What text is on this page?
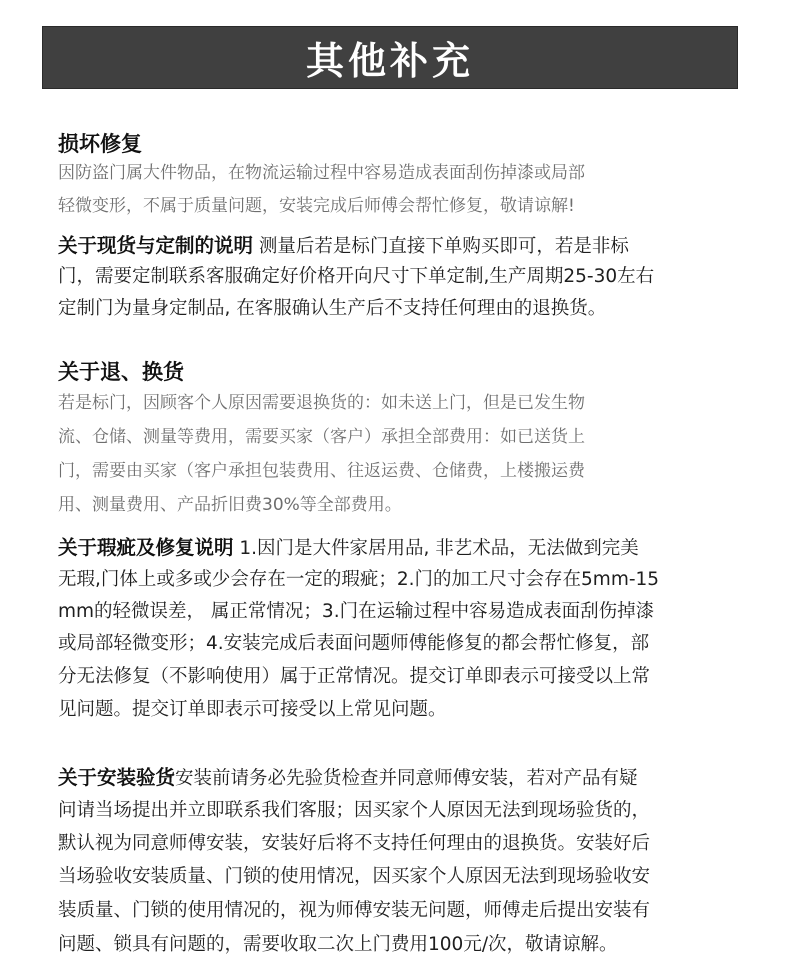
其他补充
损坏修复
因防盗门属大件物品，在物流运输过程中容易造成表面刮伤掉漆或局部
轻微变形，不属于质量问题，安装完成后师傅会帮忙修复，敬请谅解!
关于现货与定制的说明 测量后若是标门直接下单购买即可，若是非标
门，需要定制联系客服确定好价格开向尺寸下单定制,生产周期25-30左右
定制门为量身定制品, 在客服确认生产后不支持任何理由的退换货。
关于退、换货
若是标门，因顾客个人原因需要退换货的：如未送上门，但是已发生物
流、仓储、测量等费用，需要买家（客户）承担全部费用：如已送货上
门，需要由买家（客户承担包装费用、往返运费、仓储费，上楼搬运费
用、测量费用、产品折旧费30%等全部费用。
关于瑕疵及修复说明 1.因门是大件家居用品, 非艺术品，无法做到完美
无瑕,门体上或多或少会存在一定的瑕疵；2.门的加工尺寸会存在5mm-15
mm的轻微误差， 属正常情况；3.门在运输过程中容易造成表面刮伤掉漆
或局部轻微变形；4.安装完成后表面问题师傅能修复的都会帮忙修复，部
分无法修复（不影响使用）属于正常情况。提交订单即表示可接受以上常
见问题。提交订单即表示可接受以上常见问题。
关于安装验货安装前请务必先验货检查并同意师傅安装，若对产品有疑
问请当场提出并立即联系我们客服；因买家个人原因无法到现场验货的，
默认视为同意师傅安装，安装好后将不支持任何理由的退换货。安装好后
当场验收安装质量、门锁的使用情况，因买家个人原因无法到现场验收安
装质量、门锁的使用情况的，视为师傅安装无问题，师傅走后提出安装有
问题、锁具有问题的，需要收取二次上门费用100元/次，敬请谅解。
